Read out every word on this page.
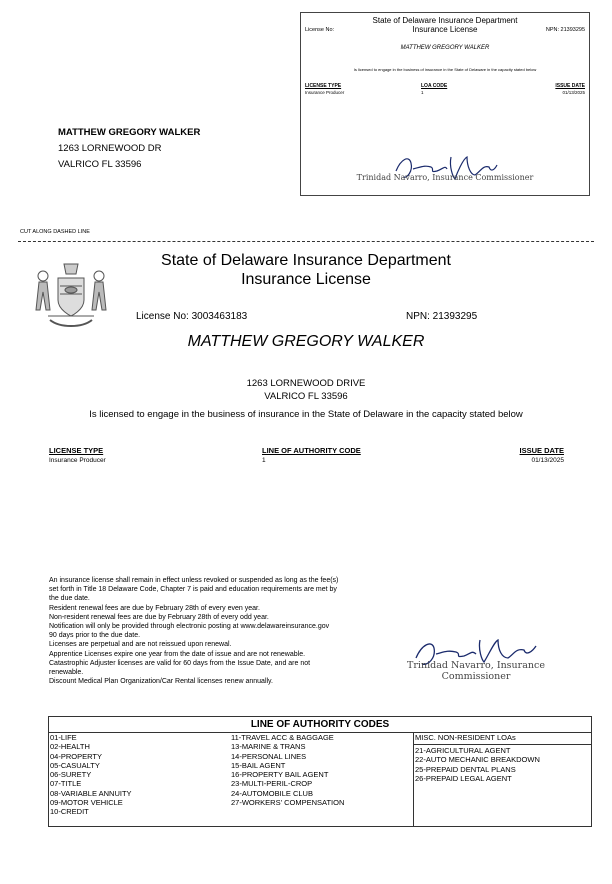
State of Delaware Insurance Department
Insurance License
License No:	NPN: 21393295
MATTHEW GREGORY WALKER
Is licensed to engage in the business of insurance in the State of Delaware in the capacity stated below
LICENSE TYPE	LOA CODE	ISSUE DATE
Insurance Producer	1	01/13/2025
Trinidad Navarro, Insurance Commissioner
MATTHEW GREGORY WALKER
1263 LORNEWOOD DR
VALRICO FL 33596
CUT ALONG DASHED LINE
State of Delaware Insurance Department
Insurance License
License No: 3003463183	NPN: 21393295
MATTHEW GREGORY WALKER
1263 LORNEWOOD DRIVE
VALRICO FL 33596
Is licensed to engage in the business of insurance in the State of Delaware in the capacity stated below
LICENSE TYPE	LINE OF AUTHORITY CODE	ISSUE DATE
Insurance Producer	1	01/13/2025
An insurance license shall remain in effect unless revoked or suspended as long as the fee(s)
set forth in Title 18 Delaware Code, Chapter 7 is paid and education requirements are met by
the due date.
Resident renewal fees are due by February 28th of every even year.
Non-resident renewal fees are due by February 28th of every odd year.
Notification will only be provided through electronic posting at www.delawareinsurance.gov
90 days prior to the due date.
Licenses are perpetual and are not reissued upon renewal.
Apprentice Licenses expire one year from the date of issue and are not renewable.
Catastrophic Adjuster licenses are valid for 60 days from the Issue Date, and are not
renewable.
Discount Medical Plan Organization/Car Rental licenses renew annually.
Trinidad Navarro, Insurance Commissioner
LINE OF AUTHORITY CODES
01-LIFE
02-HEALTH
04-PROPERTY
05-CASUALTY
06-SURETY
07-TITLE
08-VARIABLE ANNUITY
09-MOTOR VEHICLE
10-CREDIT
11-TRAVEL ACC & BAGGAGE
13-MARINE & TRANS
14-PERSONAL LINES
15-BAIL AGENT
16-PROPERTY BAIL AGENT
23-MULTI-PERIL-CROP
24-AUTOMOBILE CLUB
27-WORKERS' COMPENSATION
MISC. NON-RESIDENT LOAs
21-AGRICULTURAL AGENT
22-AUTO MECHANIC BREAKDOWN
25-PREPAID DENTAL PLANS
26-PREPAID LEGAL AGENT
